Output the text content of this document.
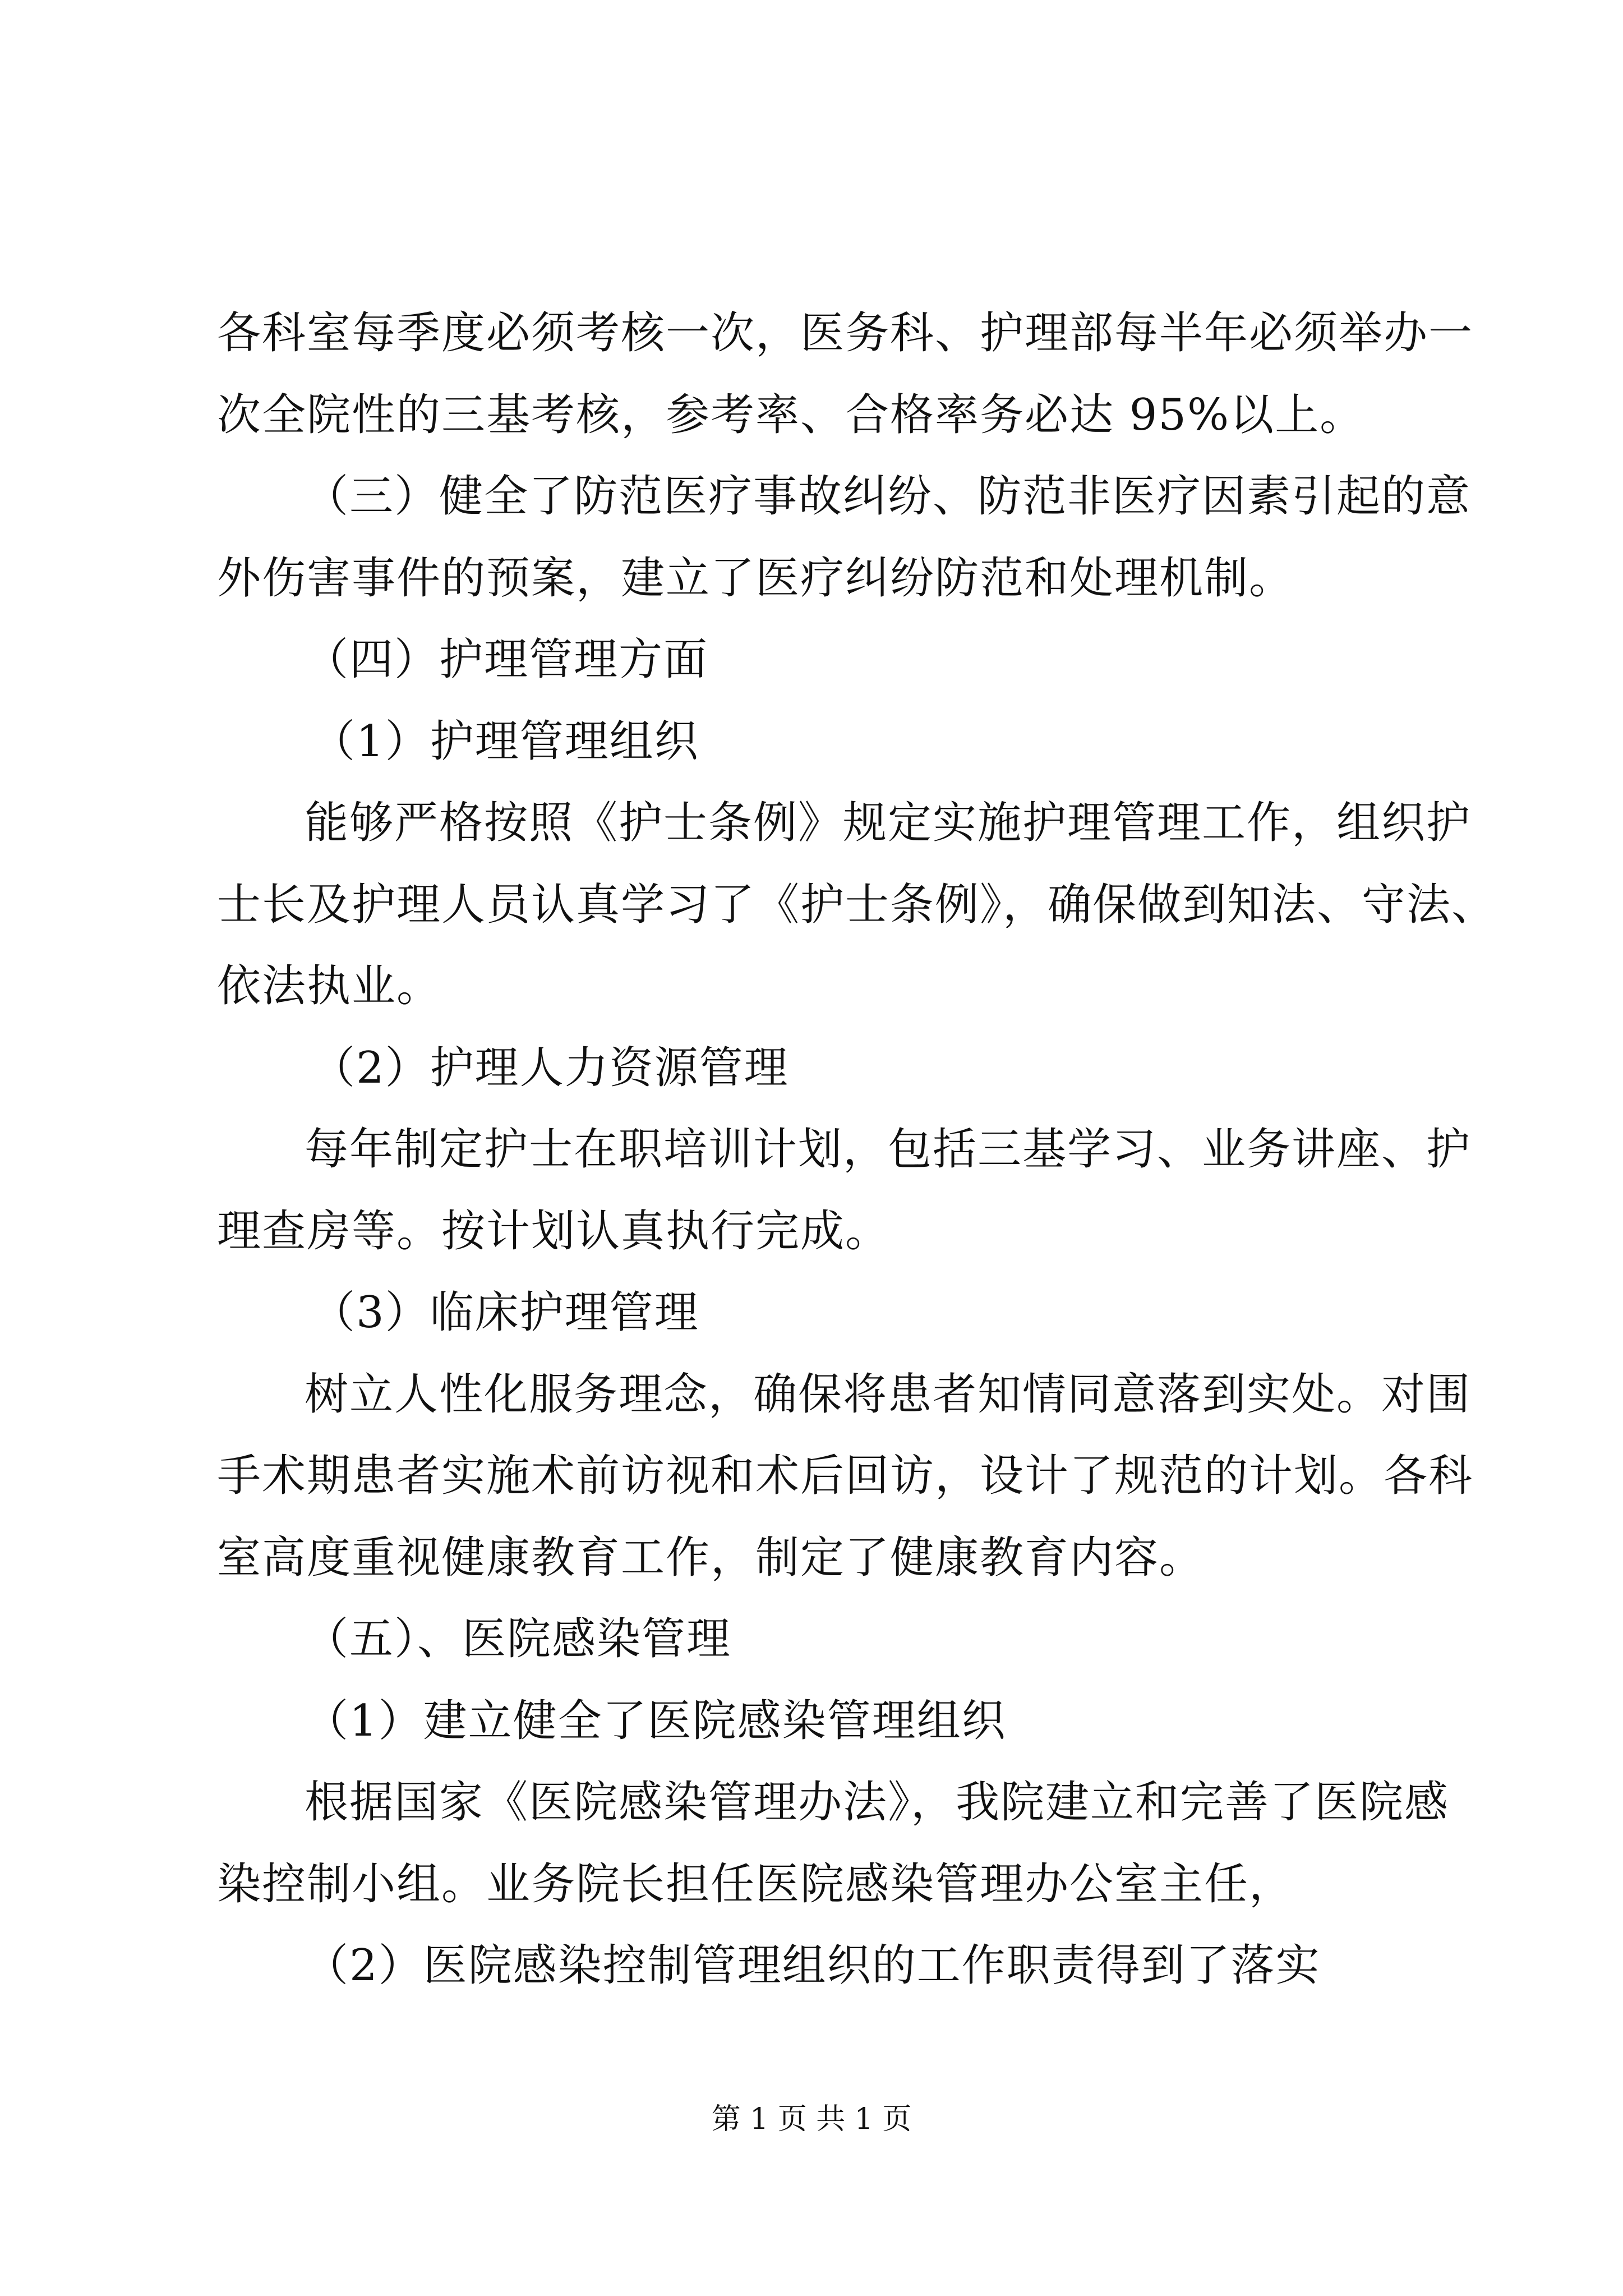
各科室每季度必须考核一次，医务科、护理部每半年必须举办一
次全院性的三基考核，参考率、合格率务必达 95%以上。
（三）健全了防范医疗事故纠纷、防范非医疗因素引起的意
外伤害事件的预案，建立了医疗纠纷防范和处理机制。
（四）护理管理方面
（1）护理管理组织
能够严格按照《护士条例》规定实施护理管理工作，组织护
士长及护理人员认真学习了《护士条例》，确保做到知法、守法、
依法执业。
（2）护理人力资源管理
每年制定护士在职培训计划，包括三基学习、业务讲座、护
理查房等。按计划认真执行完成。
（3）临床护理管理
树立人性化服务理念，确保将患者知情同意落到实处。对围
手术期患者实施术前访视和术后回访，设计了规范的计划。各科
室高度重视健康教育工作，制定了健康教育内容。
（五）、医院感染管理
（1）建立健全了医院感染管理组织
根据国家《医院感染管理办法》，我院建立和完善了医院感
染控制小组。业务院长担任医院感染管理办公室主任，
（2）医院感染控制管理组织的工作职责得到了落实
第 1 页 共 1 页
